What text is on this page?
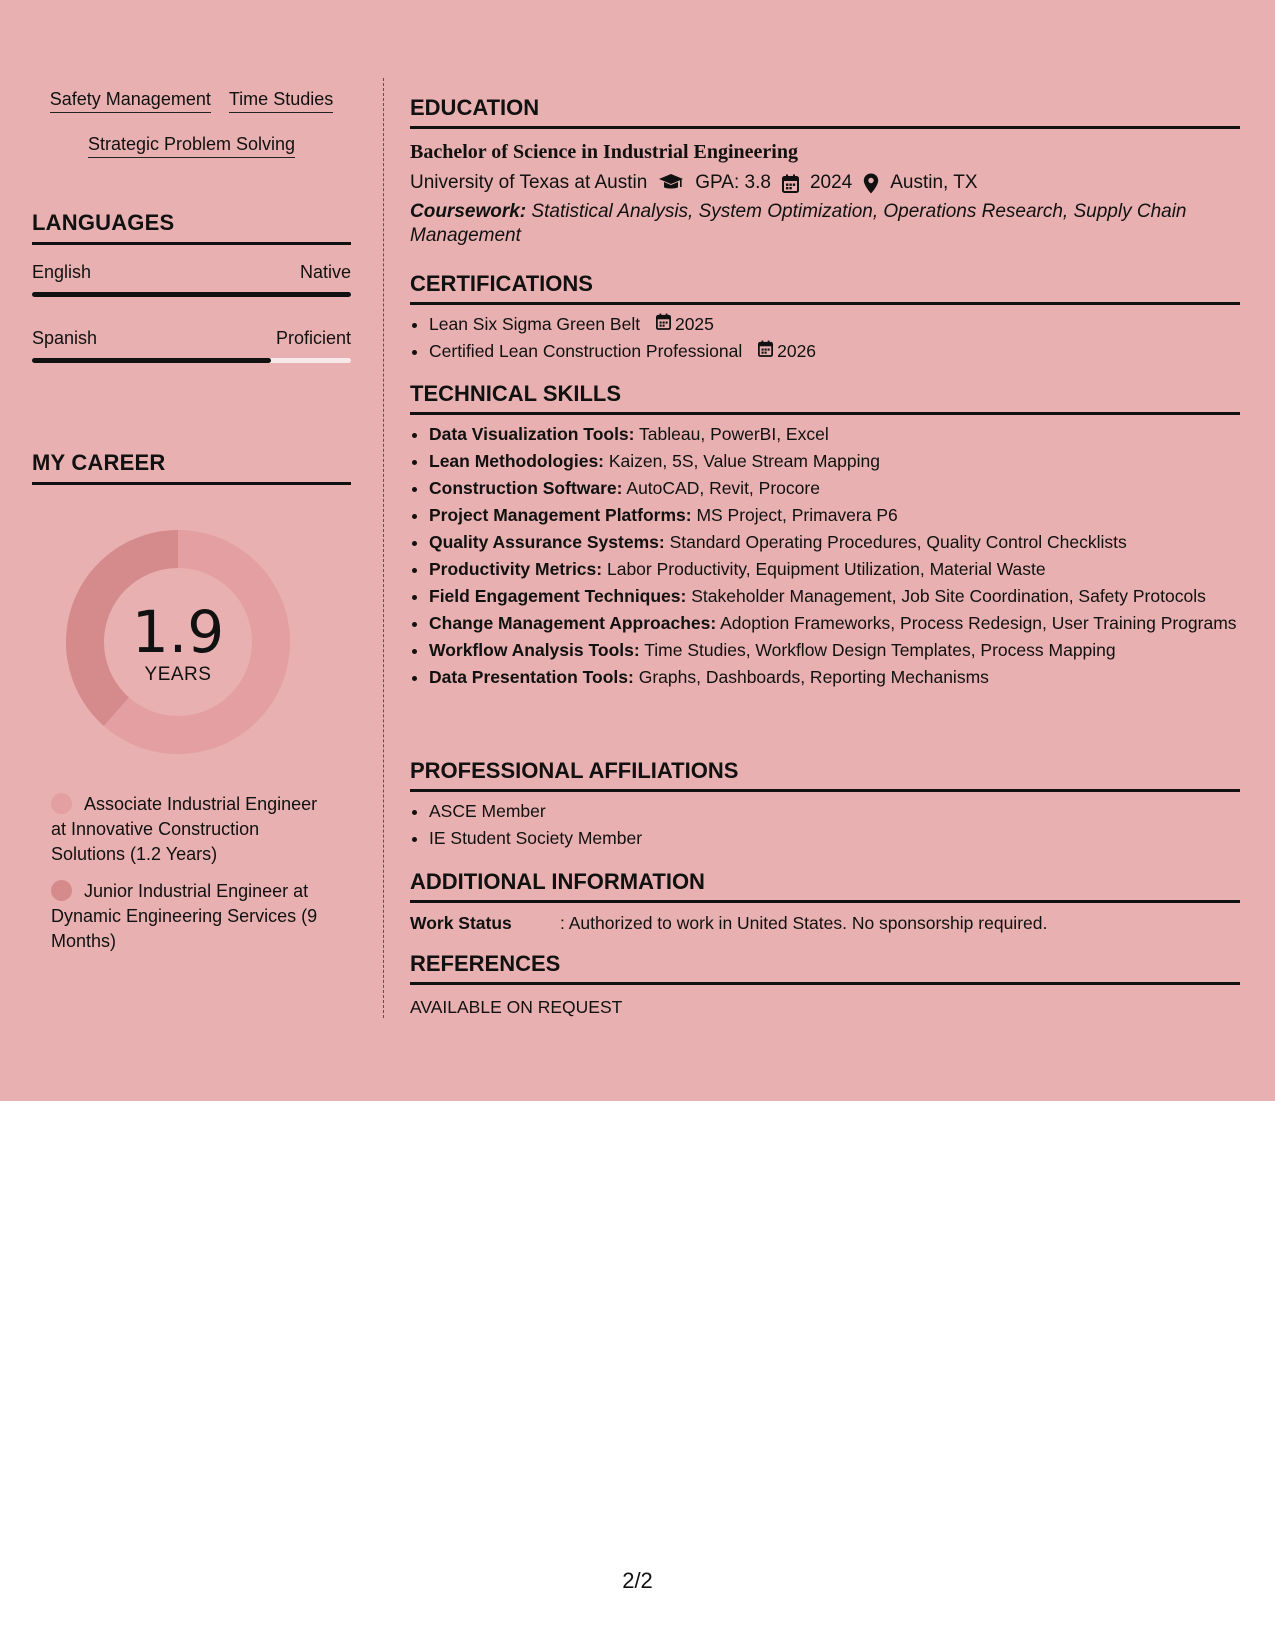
Safety Management Time Studies
Strategic Problem Solving
LANGUAGES
English	Native
Spanish	Proficient
MY CAREER
1.9
YEARS
Associate Industrial Engineer at Innovative Construction Solutions (1.2 Years)
Junior Industrial Engineer at Dynamic Engineering Services (9 Months)
EDUCATION
Bachelor of Science in Industrial Engineering
University of Texas at Austin	GPA: 3.8 2024 Austin, TX
Coursework: Statistical Analysis, System Optimization, Operations Research, Supply Chain Management
CERTIFICATIONS
• Lean Six Sigma Green Belt 2025
• Certified Lean Construction Professional 2026
TECHNICAL SKILLS
• Data Visualization Tools: Tableau, PowerBI, Excel
• Lean Methodologies: Kaizen, 5S, Value Stream Mapping
• Construction Software: AutoCAD, Revit, Procore
• Project Management Platforms: MS Project, Primavera P6
• Quality Assurance Systems: Standard Operating Procedures, Quality Control Checklists
• Productivity Metrics: Labor Productivity, Equipment Utilization, Material Waste
• Field Engagement Techniques: Stakeholder Management, Job Site Coordination, Safety Protocols
• Change Management Approaches: Adoption Frameworks, Process Redesign, User Training Programs
• Workflow Analysis Tools: Time Studies, Workflow Design Templates, Process Mapping
• Data Presentation Tools: Graphs, Dashboards, Reporting Mechanisms
PROFESSIONAL AFFILIATIONS
• ASCE Member
• IE Student Society Member
ADDITIONAL INFORMATION
Work Status	: Authorized to work in United States. No sponsorship required.
REFERENCES
AVAILABLE ON REQUEST
2/2
